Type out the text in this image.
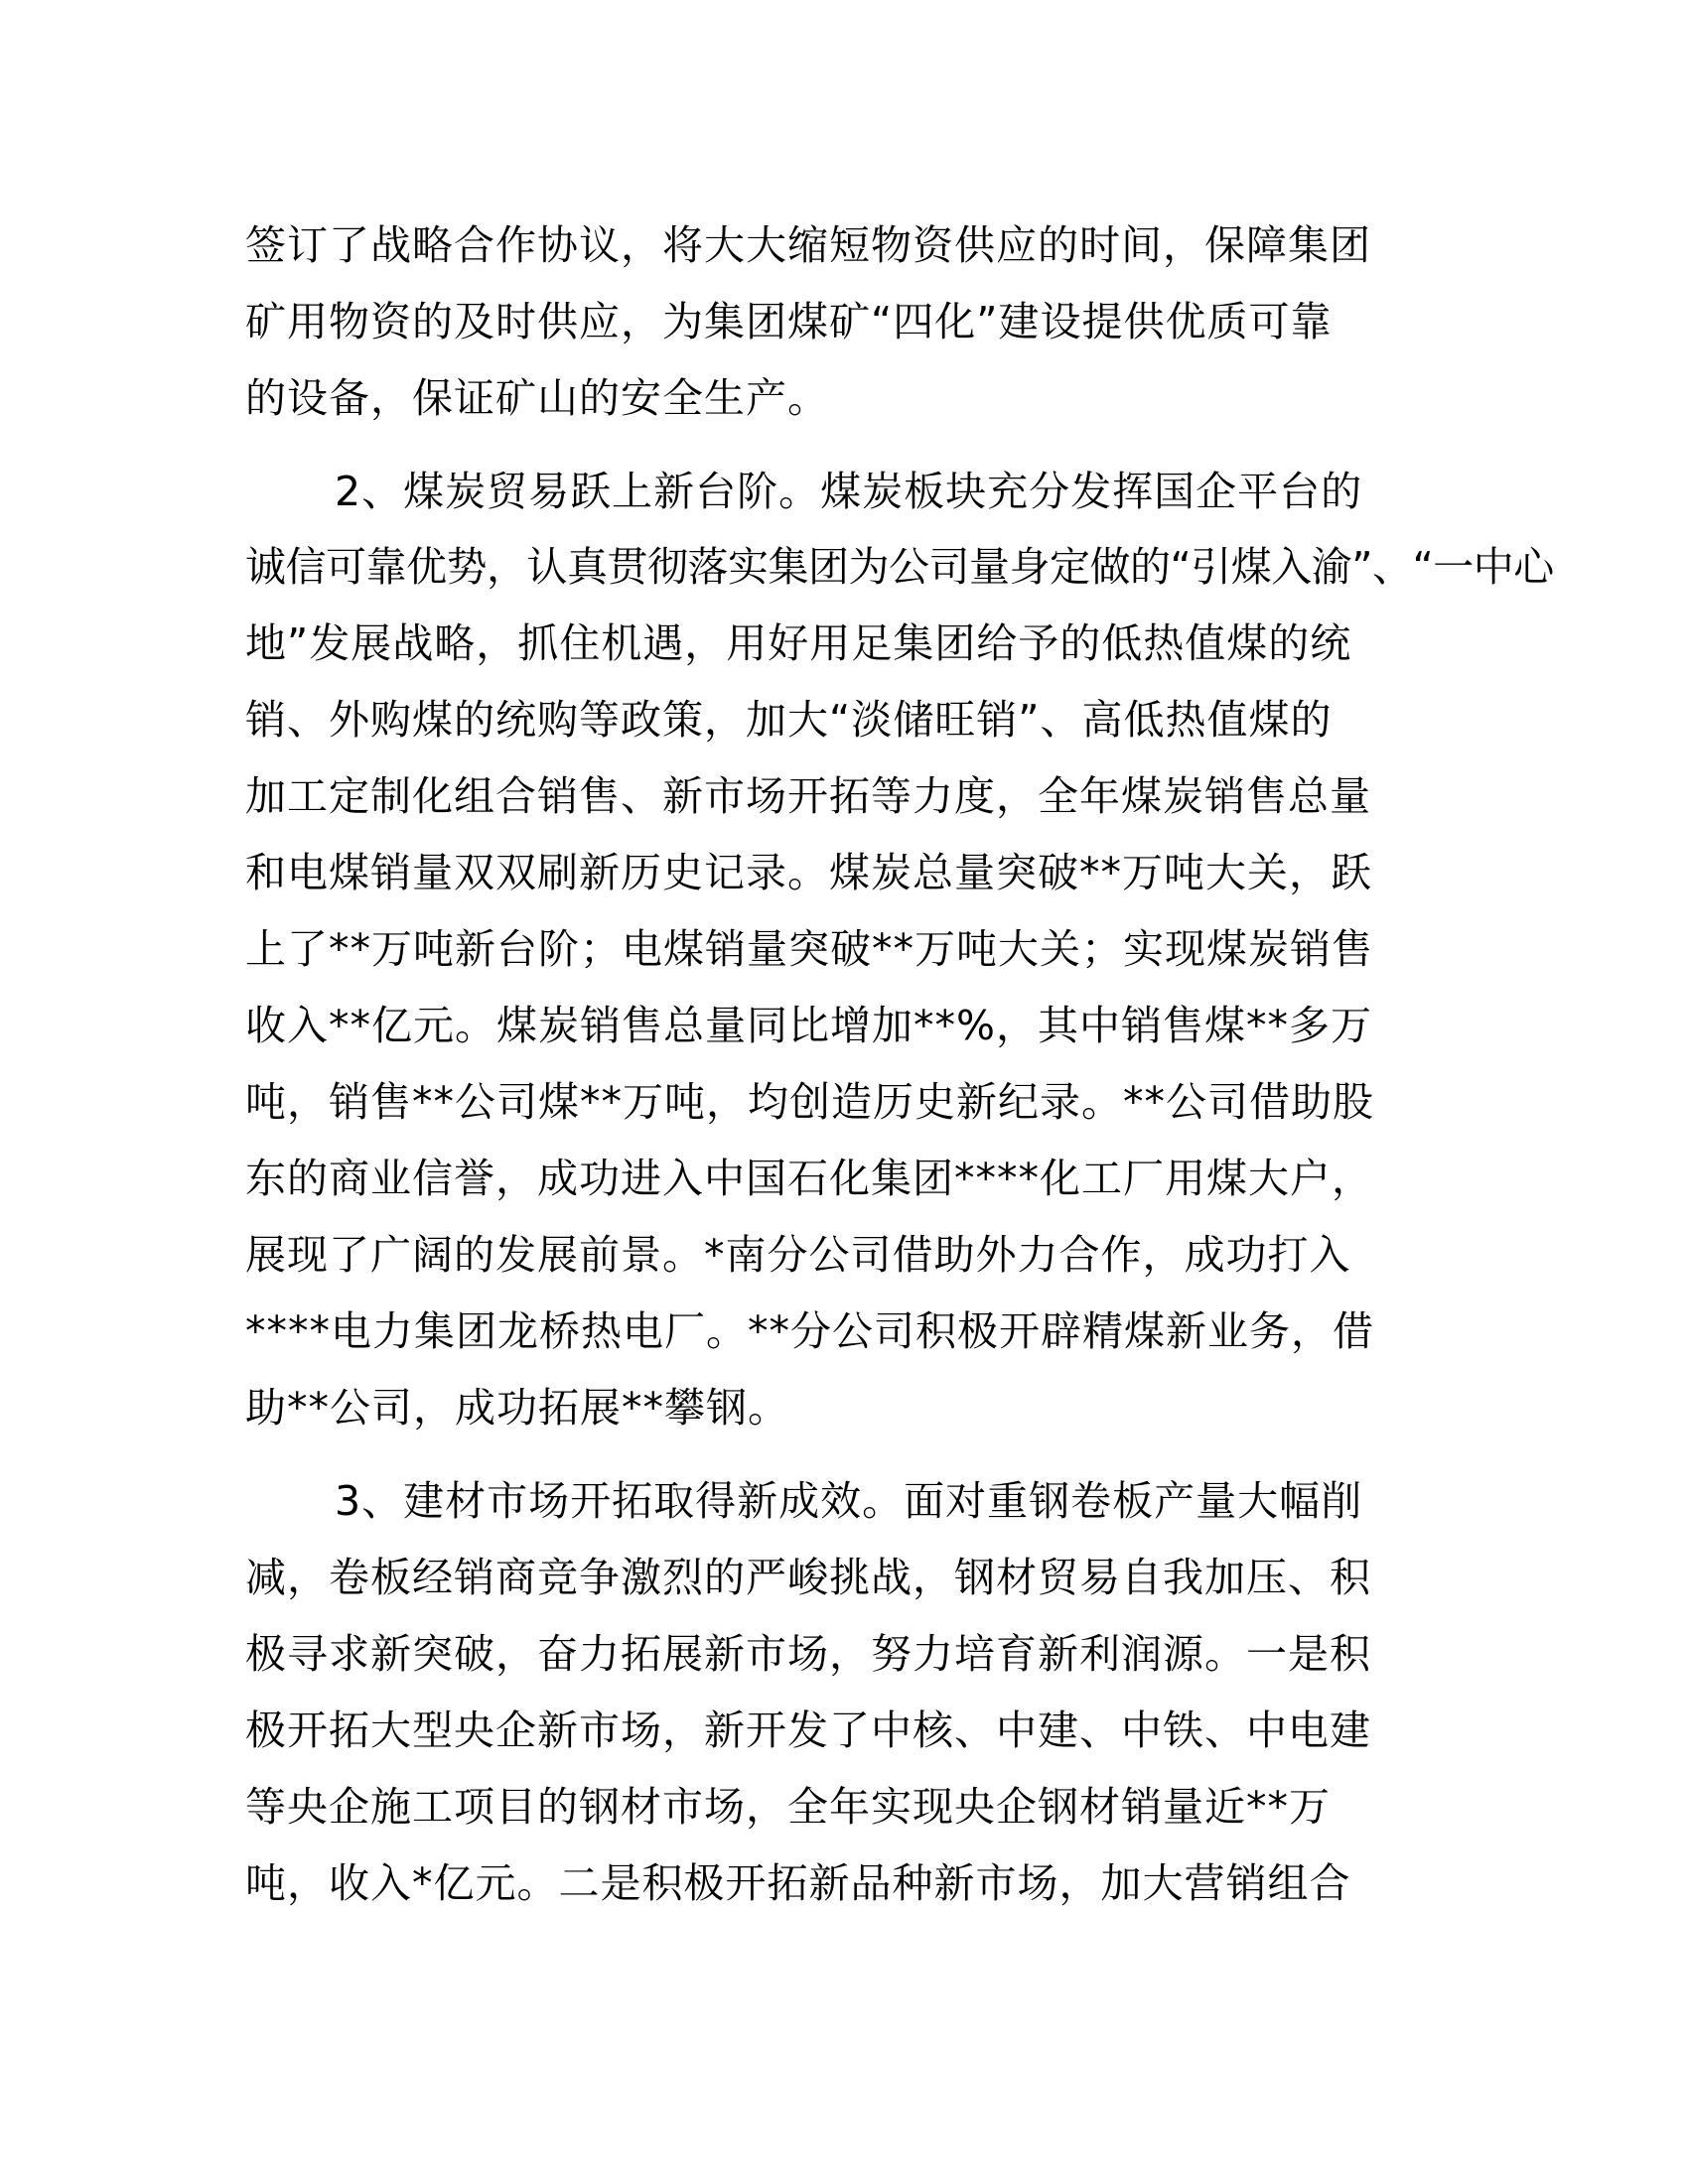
签订了战略合作协议，将大大缩短物资供应的时间，保障集团
矿用物资的及时供应，为集团煤矿“四化”建设提供优质可靠
的设备，保证矿山的安全生产。
2、煤炭贸易跃上新台阶。煤炭板块充分发挥国企平台的
诚信可靠优势，认真贯彻落实集团为公司量身定做的“引煤入渝”、“一中心
地”发展战略，抓住机遇，用好用足集团给予的低热值煤的统
销、外购煤的统购等政策，加大“淡储旺销”、高低热值煤的
加工定制化组合销售、新市场开拓等力度，全年煤炭销售总量
和电煤销量双双刷新历史记录。煤炭总量突破**万吨大关，跃
上了**万吨新台阶；电煤销量突破**万吨大关；实现煤炭销售
收入**亿元。煤炭销售总量同比增加**%，其中销售煤**多万
吨，销售**公司煤**万吨，均创造历史新纪录。**公司借助股
东的商业信誉，成功进入中国石化集团****化工厂用煤大户，
展现了广阔的发展前景。*南分公司借助外力合作，成功打入
****电力集团龙桥热电厂。**分公司积极开辟精煤新业务，借
助**公司，成功拓展**攀钢。
3、建材市场开拓取得新成效。面对重钢卷板产量大幅削
减，卷板经销商竞争激烈的严峻挑战，钢材贸易自我加压、积
极寻求新突破，奋力拓展新市场，努力培育新利润源。一是积
极开拓大型央企新市场，新开发了中核、中建、中铁、中电建
等央企施工项目的钢材市场，全年实现央企钢材销量近**万
吨，收入*亿元。二是积极开拓新品种新市场，加大营销组合
